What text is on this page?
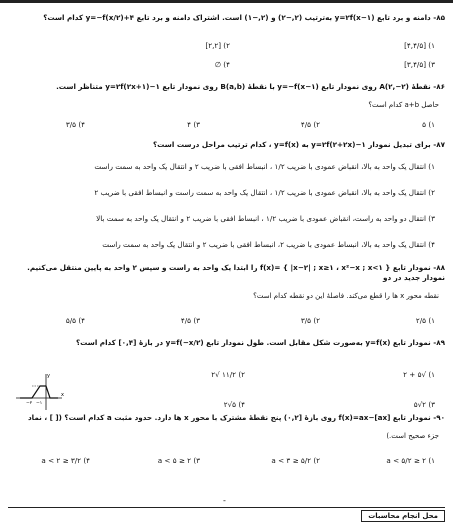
۸۵- دامنه و برد تابع y=۲f(x−۱) به‌ترتیب (۲,−۲) و (۲,−۱) است. اشتراک دامنه و برد تابع y=−f(x/۲)+۴ کدام است؟
۱) [۴,۴/۵]
۲) [۲,۲]
۳) [۳,۴/۵]
۴) ∅
۸۶- نقطهٔ A(۲,−۲) روی نمودار تابع y=−f(x−۱) با نقطهٔ B(a,b) روی نمودار تابع y=۲f(۲x+۱)−۱ متناظر است.
حاصل a+b کدام است؟
۱) ۵
۲) ۴/۵
۳) ۴
۴) ۳/۵
۸۷- برای تبدیل نمودار y=۲f(۲+۲x)−۱ به y=f(x) ، کدام ترتیب مراحل درست است؟
۱) انتقال یک واحد به بالا، انقباض عمودی با ضریب ۱/۲ ، انبساط افقی با ضریب ۲ و انتقال یک واحد به سمت راست
۲) انتقال یک واحد به بالا، انقباض عمودی با ضریب ۱/۲ ، انتقال یک واحد به سمت راست و انبساط افقی با ضریب ۲
۳) انتقال دو واحد به راست، انقباض عمودی با ضریب ۱/۲ ، انبساط افقی با ضریب ۲ و انتقال یک واحد به سمت بالا
۴) انتقال یک واحد به بالا، انبساط عمودی با ضریب ۲، انبساط افقی با ضریب ۲ و انتقال یک واحد به سمت راست
۸۸- نمودار تابع f(x)= { |x−۲| ; x≥۱ ، x²−x ; x<۱ } را ابتدا یک واحد به راست و سپس ۲ واحد به پایین منتقل می‌کنیم. نمودار جدید در دو
نقطه محور x ها را قطع می‌کند. فاصلهٔ این دو نقطه کدام است؟
۱) ۲/۵
۲) ۳/۵
۳) ۴/۵
۴) ۵/۵
۸۹- نمودار تابع y=f(x) به‌صورت شکل مقابل است. طول نمودار تابع y=f(−x/۲) در بازهٔ [۰,۴] کدام است؟
۱) √۵ + ۲
۲) ۱۱/۲ √۲
۳) ۲√۵
۴) ۵√۲
x
y
−۲ −۱
۹۰- نمودار تابع f(x)=ax−[ax] روی بازهٔ [۰,۲) پنج نقطهٔ مشترک با محور x ها دارد. حدود مثبت a کدام است؟ ([ ] ، نماد
جزء صحیح است.)
۱) ۲ ≤ a < ۵/۲
۲) ۵/۲ ≤ a < ۳
۳) ۲ ≤ a < ۵
۴) ۳/۲ ≤ a < ۲
محل انجام محاسبات
-
